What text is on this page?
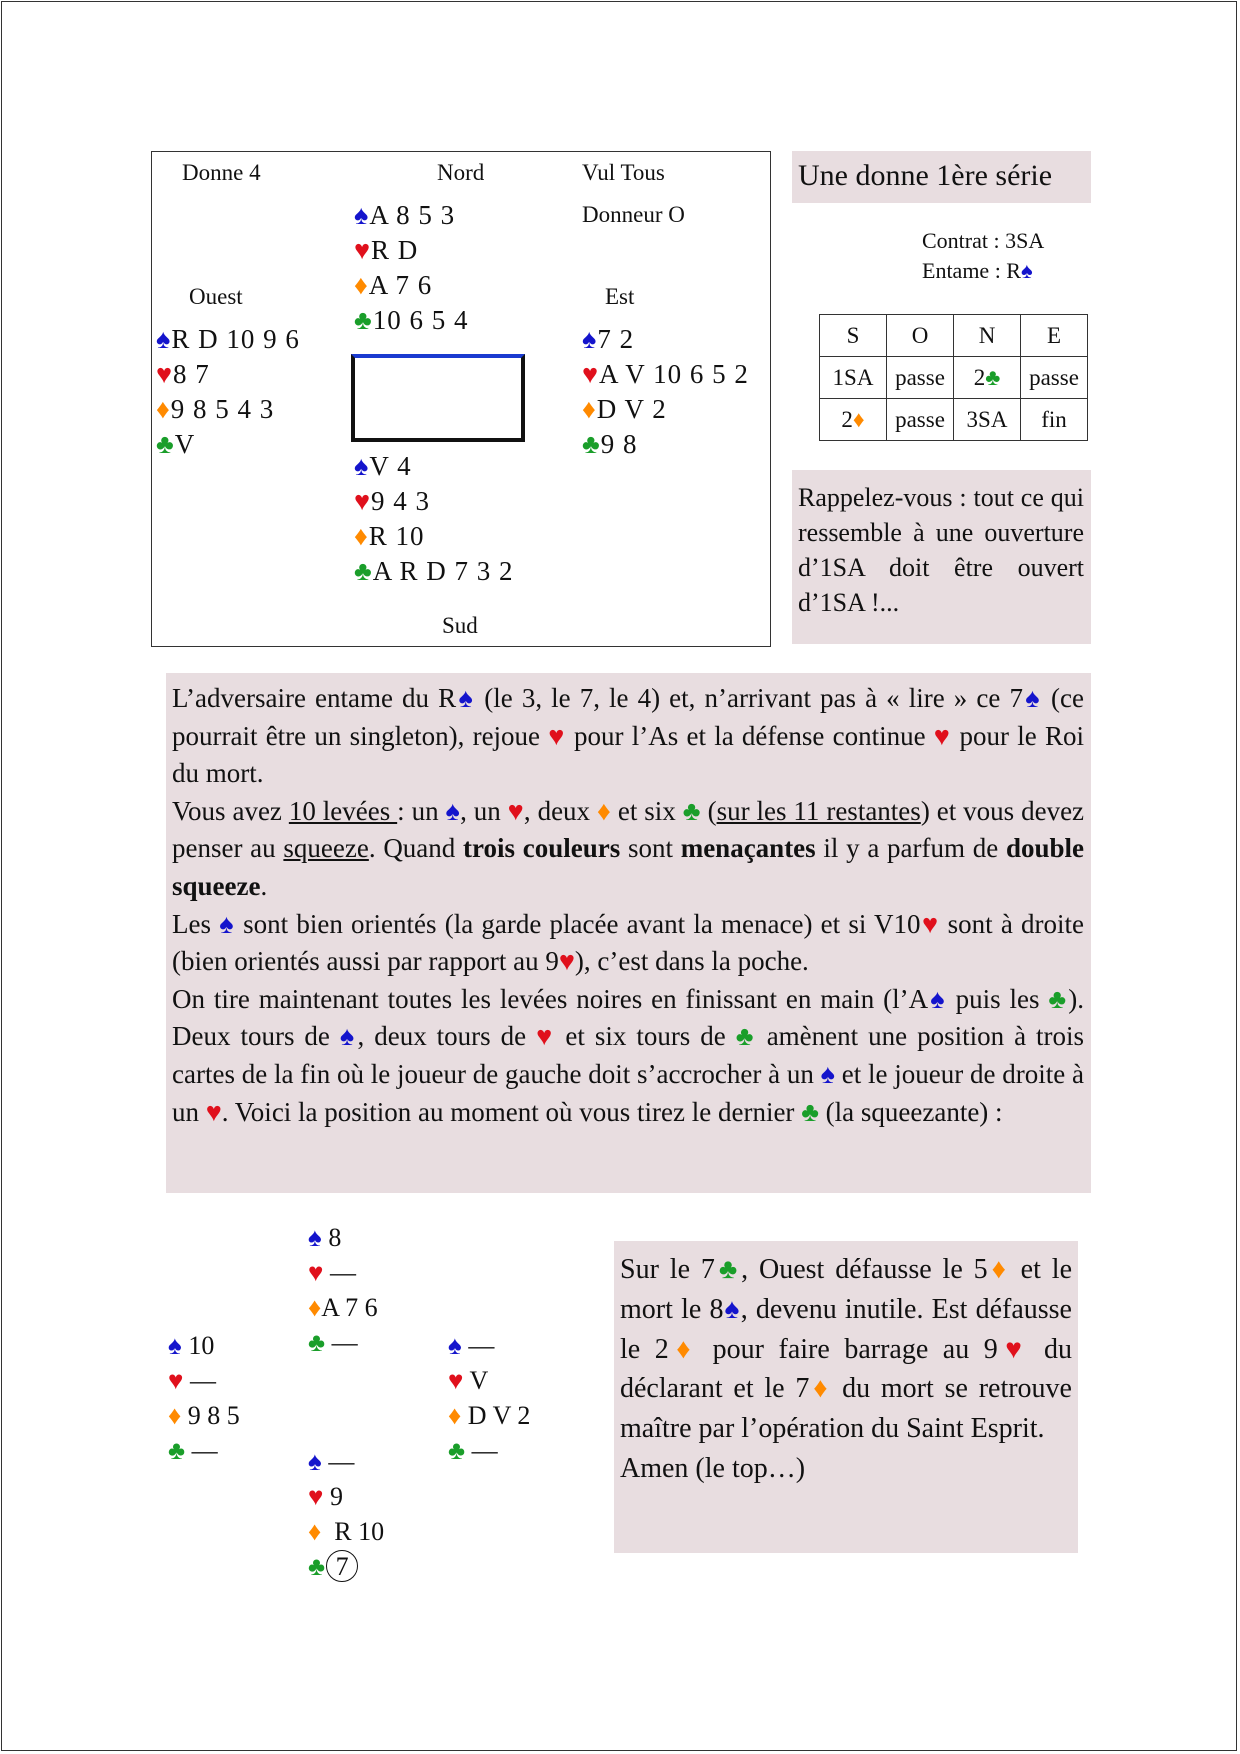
Donne 4	Nord	Vul Tous
Donneur O
Ouest	Est
Sud
♠A 8 5 3
♥R D
♦A 7 6
♣10 6 5 4
♠R D 10 9 6
♥8 7
♦9 8 5 4 3
♣V
♠7 2
♥A V 10 6 5 2
♦D V 2
♣9 8
♠V 4
♥9 4 3
♦R 10
♣A R D 7 3 2
Une donne 1ère série
Contrat : 3SA
Entame : R♠
S	O	N	E
1SA	passe	2♣	passe
2♦	passe	3SA	fin

Rappelez-vous : tout ce qui ressemble à une ouverture d’1SA doit être ouvert d’1SA !...

L’adversaire entame du R♠ (le 3, le 7, le 4) et, n’arrivant pas à « lire » ce 7♠ (ce pourrait être un singleton), rejoue ♥ pour l’As et la défense continue ♥ pour le Roi du mort.
Vous avez 10 levées : un ♠, un ♥, deux ♦ et six ♣ (sur les 11 restantes) et vous devez penser au squeeze. Quand trois couleurs sont menaçantes il y a parfum de double squeeze.
Les ♠ sont bien orientés (la garde placée avant la menace) et si V10♥ sont à droite (bien orientés aussi par rapport au 9♥), c’est dans la poche.
On tire maintenant toutes les levées noires en finissant en main (l’A♠ puis les ♣). Deux tours de ♠, deux tours de ♥ et six tours de ♣ amènent une position à trois cartes de la fin où le joueur de gauche doit s’accrocher à un ♠ et le joueur de droite à un ♥. Voici la position au moment où vous tirez le dernier ♣ (la squeezante) :

♠ 8
♥ —
♦A 7 6
♣ —
♠ 10
♥ —
♦ 9 8 5
♣ —
♠ —
♥ V
♦ D V 2
♣ —
♠ —
♥ 9
♦ R 10
♣ 7

Sur le 7♣, Ouest défausse le 5♦ et le mort le 8♠, devenu inutile. Est défausse le 2♦ pour faire barrage au 9♥ du déclarant et le 7♦ du mort se retrouve maître par l’opération du Saint Esprit.
Amen (le top…)
